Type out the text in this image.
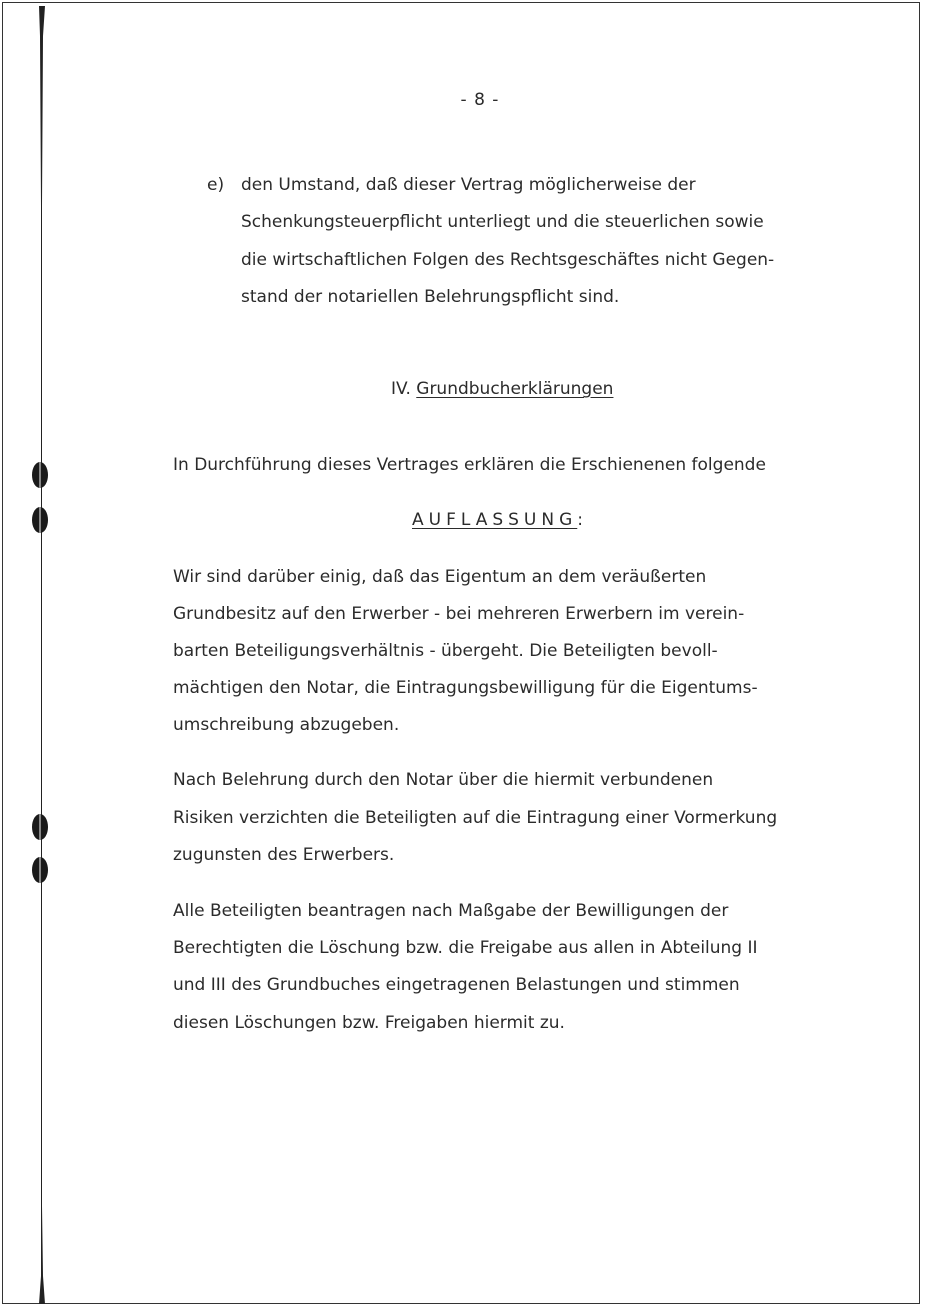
- 8 -
e) den Umstand, daß dieser Vertrag möglicherweise der
Schenkungsteuerpflicht unterliegt und die steuerlichen sowie
die wirtschaftlichen Folgen des Rechtsgeschäftes nicht Gegen-
stand der notariellen Belehrungspflicht sind.
IV. Grundbucherklärungen
In Durchführung dieses Vertrages erklären die Erschienenen folgende
AUFLASSUNG:
Wir sind darüber einig, daß das Eigentum an dem veräußerten
Grundbesitz auf den Erwerber - bei mehreren Erwerbern im verein-
barten Beteiligungsverhältnis - übergeht. Die Beteiligten bevoll-
mächtigen den Notar, die Eintragungsbewilligung für die Eigentums-
umschreibung abzugeben.
Nach Belehrung durch den Notar über die hiermit verbundenen
Risiken verzichten die Beteiligten auf die Eintragung einer Vormerkung
zugunsten des Erwerbers.
Alle Beteiligten beantragen nach Maßgabe der Bewilligungen der
Berechtigten die Löschung bzw. die Freigabe aus allen in Abteilung II
und III des Grundbuches eingetragenen Belastungen und stimmen
diesen Löschungen bzw. Freigaben hiermit zu.
